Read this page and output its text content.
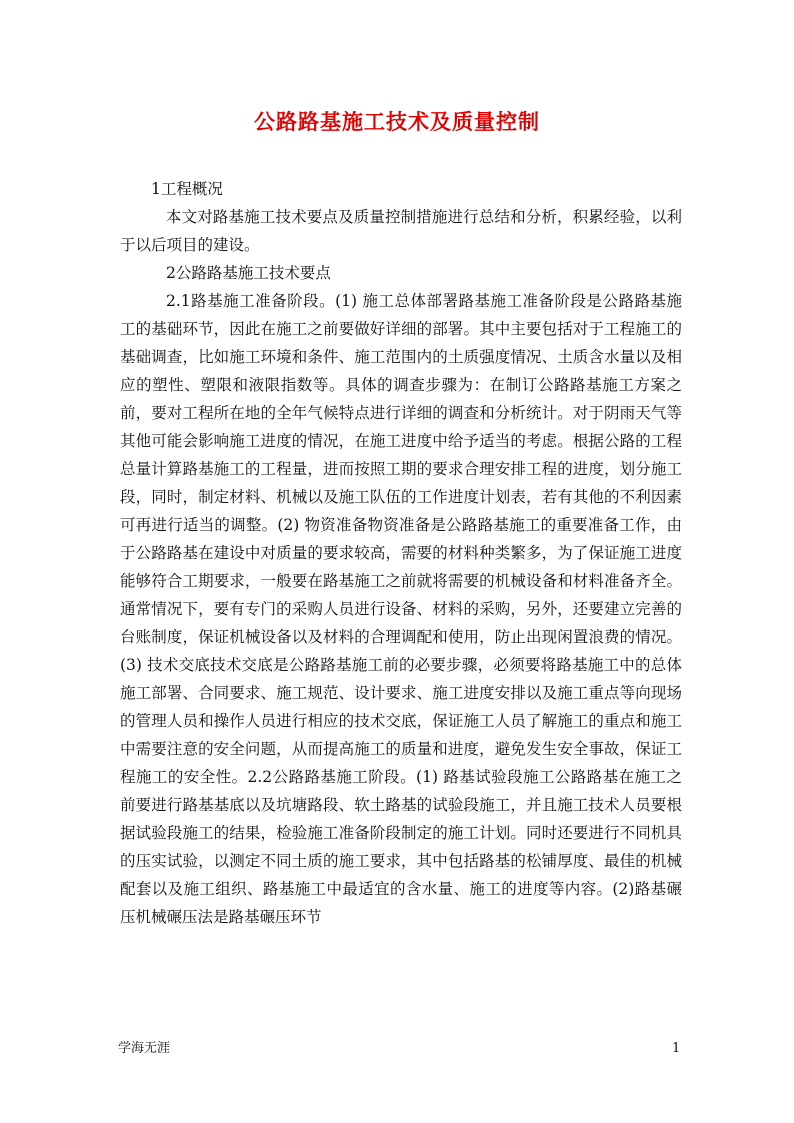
公路路基施工技术及质量控制

1工程概况

本文对路基施工技术要点及质量控制措施进行总结和分析，积累经验，以利于以后项目的建设。

2公路路基施工技术要点

2.1路基施工准备阶段。(1) 施工总体部署路基施工准备阶段是公路路基施工的基础环节，因此在施工之前要做好详细的部署。其中主要包括对于工程施工的基础调查，比如施工环境和条件、施工范围内的土质强度情况、土质含水量以及相应的塑性、塑限和液限指数等。具体的调查步骤为：在制订公路路基施工方案之前，要对工程所在地的全年气候特点进行详细的调查和分析统计。对于阴雨天气等其他可能会影响施工进度的情况，在施工进度中给予适当的考虑。根据公路的工程总量计算路基施工的工程量，进而按照工期的要求合理安排工程的进度，划分施工段，同时，制定材料、机械以及施工队伍的工作进度计划表，若有其他的不利因素可再进行适当的调整。(2) 物资准备物资准备是公路路基施工的重要准备工作，由于公路路基在建设中对质量的要求较高，需要的材料种类繁多，为了保证施工进度能够符合工期要求，一般要在路基施工之前就将需要的机械设备和材料准备齐全。通常情况下，要有专门的采购人员进行设备、材料的采购，另外，还要建立完善的台账制度，保证机械设备以及材料的合理调配和使用，防止出现闲置浪费的情况。(3) 技术交底技术交底是公路路基施工前的必要步骤，必须要将路基施工中的总体施工部署、合同要求、施工规范、设计要求、施工进度安排以及施工重点等向现场的管理人员和操作人员进行相应的技术交底，保证施工人员了解施工的重点和施工中需要注意的安全问题，从而提高施工的质量和进度，避免发生安全事故，保证工程施工的安全性。2.2公路路基施工阶段。(1) 路基试验段施工公路路基在施工之前要进行路基基底以及坑塘路段、软土路基的试验段施工，并且施工技术人员要根据试验段施工的结果，检验施工准备阶段制定的施工计划。同时还要进行不同机具的压实试验，以测定不同土质的施工要求，其中包括路基的松铺厚度、最佳的机械配套以及施工组织、路基施工中最适宜的含水量、施工的进度等内容。(2)路基碾压机械碾压法是路基碾压环节

学海无涯	1
